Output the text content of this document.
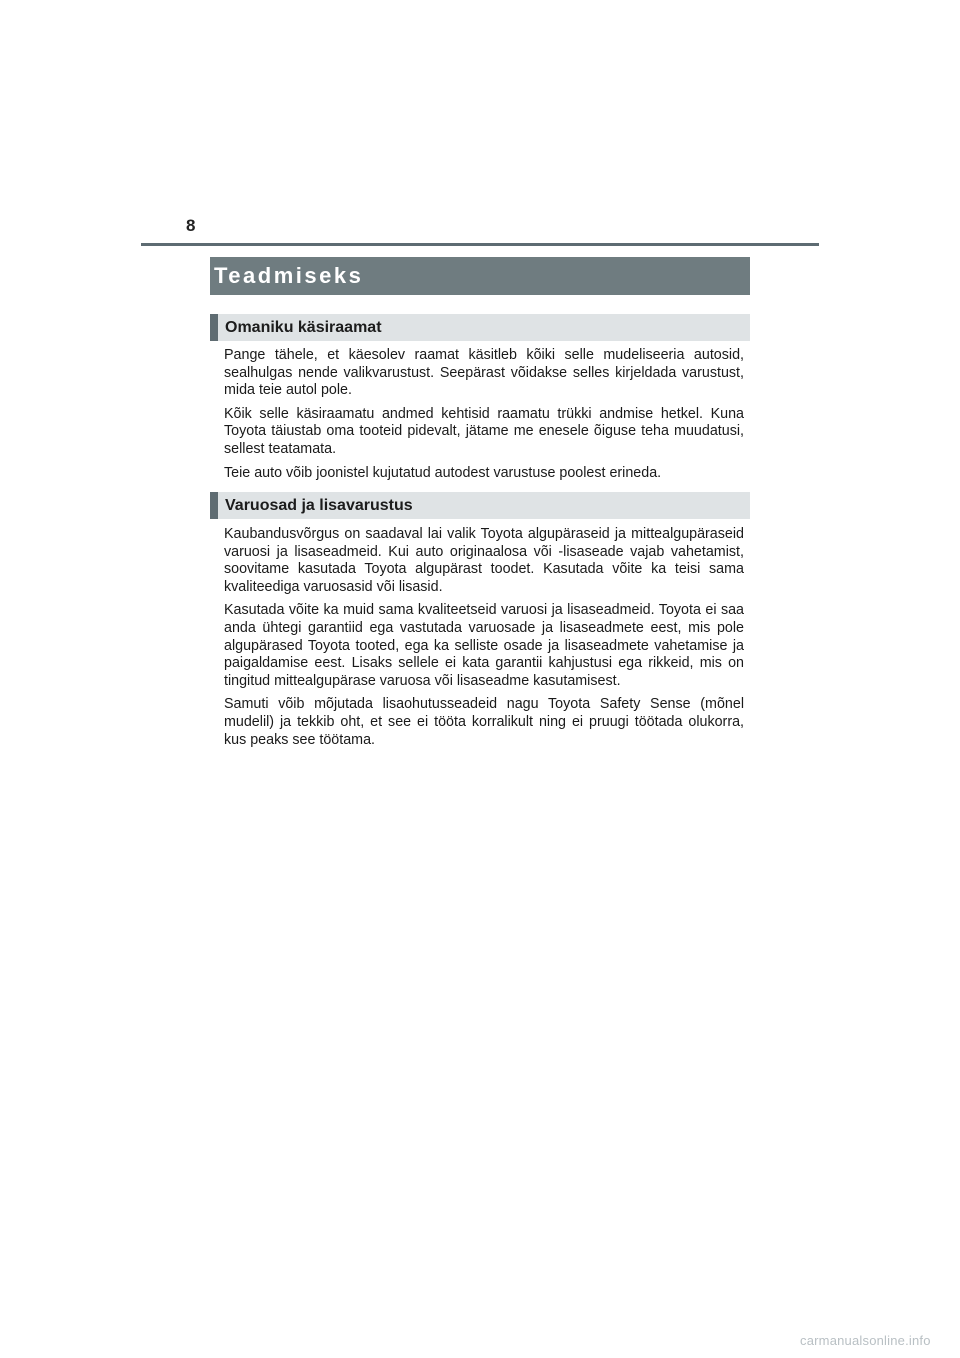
8
Teadmiseks
Omaniku käsiraamat

Pange tähele, et käesolev raamat käsitleb kõiki selle mudeliseeria autosid, sealhulgas nende valikvarustust. Seepärast võidakse selles kirjeldada varustust, mida teie autol pole.

Kõik selle käsiraamatu andmed kehtisid raamatu trükki andmise hetkel. Kuna Toyota täiustab oma tooteid pidevalt, jätame me enesele õiguse teha muudatusi, sellest teatamata.

Teie auto võib joonistel kujutatud autodest varustuse poolest erineda.

Varuosad ja lisavarustus

Kaubandusvõrgus on saadaval lai valik Toyota algupäraseid ja mittealgupäraseid varuosi ja lisaseadmeid. Kui auto originaalosa või -lisaseade vajab vahetamist, soovitame kasutada Toyota algupärast toodet. Kasutada võite ka teisi sama kvaliteediga varuosasid või lisasid.

Kasutada võite ka muid sama kvaliteetseid varuosi ja lisaseadmeid. Toyota ei saa anda ühtegi garantiid ega vastutada varuosade ja lisaseadmete eest, mis pole algupärased Toyota tooted, ega ka selliste osade ja lisaseadmete vahetamise ja paigaldamise eest. Lisaks sellele ei kata garantii kahjustusi ega rikkeid, mis on tingitud mittealgupärase varuosa või lisaseadme kasutamisest.

Samuti võib mõjutada lisaohutusseadeid nagu Toyota Safety Sense (mõnel mudelil) ja tekkib oht, et see ei tööta korralikult ning ei pruugi töötada olukorra, kus peaks see töötama.

carmanualsonline.info
